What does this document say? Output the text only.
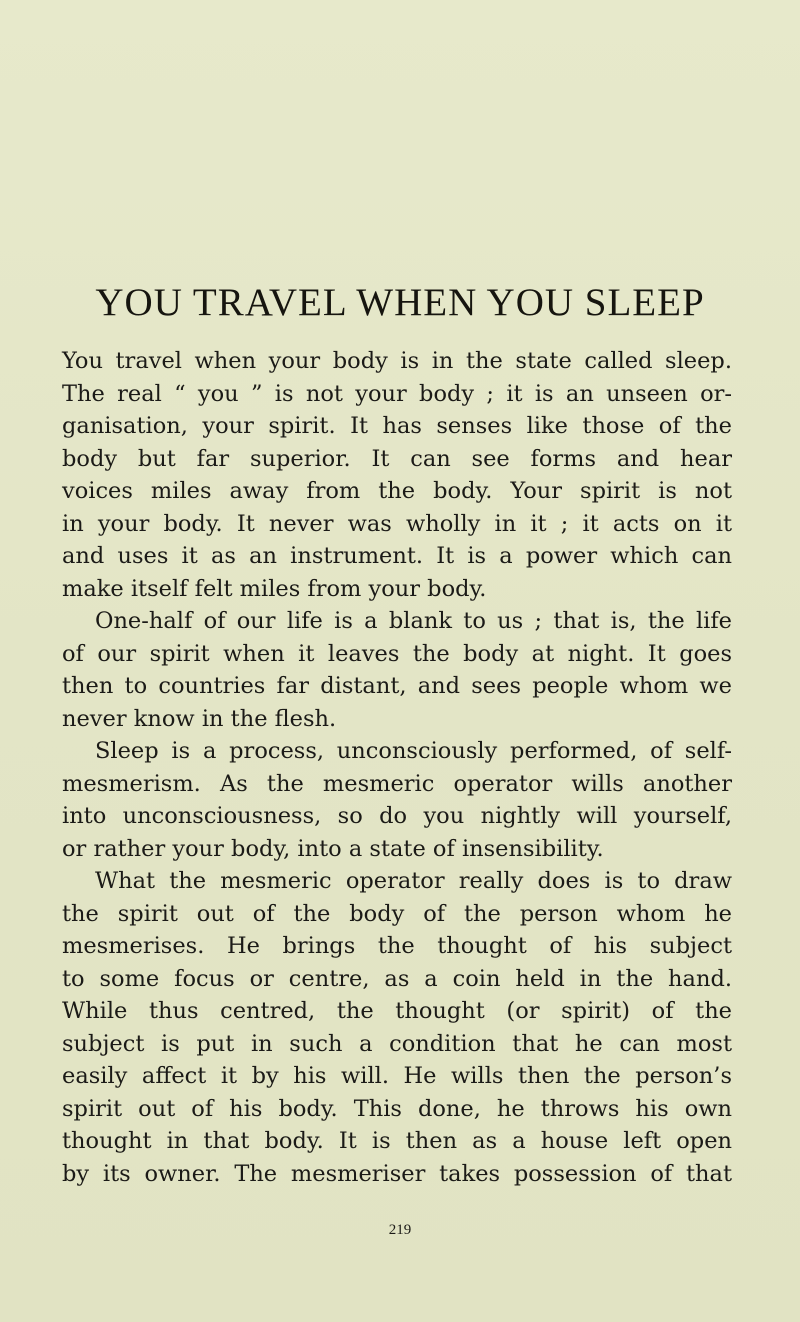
YOU TRAVEL WHEN YOU SLEEP
You travel when your body is in the state called sleep.
The real “ you ” is not your body ; it is an unseen or-
ganisation, your spirit. It has senses like those of the
body but far superior. It can see forms and hear
voices miles away from the body. Your spirit is not
in your body. It never was wholly in it ; it acts on it
and uses it as an instrument. It is a power which can
make itself felt miles from your body.
One-half of our life is a blank to us ; that is, the life
of our spirit when it leaves the body at night. It goes
then to countries far distant, and sees people whom we
never know in the flesh.
Sleep is a process, unconsciously performed, of self-
mesmerism. As the mesmeric operator wills another
into unconsciousness, so do you nightly will yourself,
or rather your body, into a state of insensibility.
What the mesmeric operator really does is to draw
the spirit out of the body of the person whom he
mesmerises. He brings the thought of his subject
to some focus or centre, as a coin held in the hand.
While thus centred, the thought (or spirit) of the
subject is put in such a condition that he can most
easily affect it by his will. He wills then the person’s
spirit out of his body. This done, he throws his own
thought in that body. It is then as a house left open
by its owner. The mesmeriser takes possession of that
219
